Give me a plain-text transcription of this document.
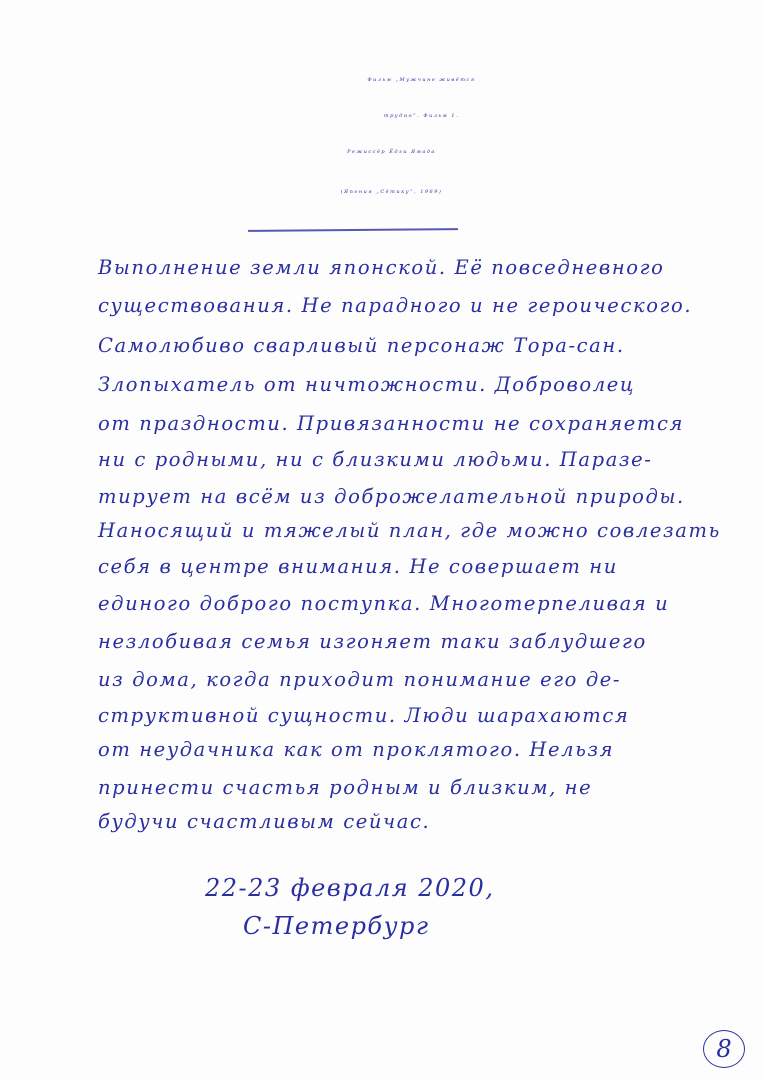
Фильм „Мужчине живётся
трудно“. Фильм 1.
Режиссёр Ёдзи Ямада
(Япония „Сётику“, 1969)
Выполнение земли японской. Её повседневного
существования. Не парадного и не героического.
Самолюбиво сварливый персонаж Тора-сан.
Злопыхатель от ничтожности. Доброволец
от праздности. Привязанности не сохраняется
ни с родными, ни с близкими людьми. Паразе-
тирует на всём из доброжелательной природы.
Наносящий и тяжелый план, где можно совлезать
себя в центре внимания. Не совершает ни
единого доброго поступка. Многотерпеливая и
незлобивая семья изгоняет таки заблудшего
из дома, когда приходит понимание его де-
структивной сущности. Люди шарахаются
от неудачника как от проклятого. Нельзя
принести счастья родным и близким, не
будучи счастливым сейчас.
22-23 февраля 2020,
С-Петербург
8
